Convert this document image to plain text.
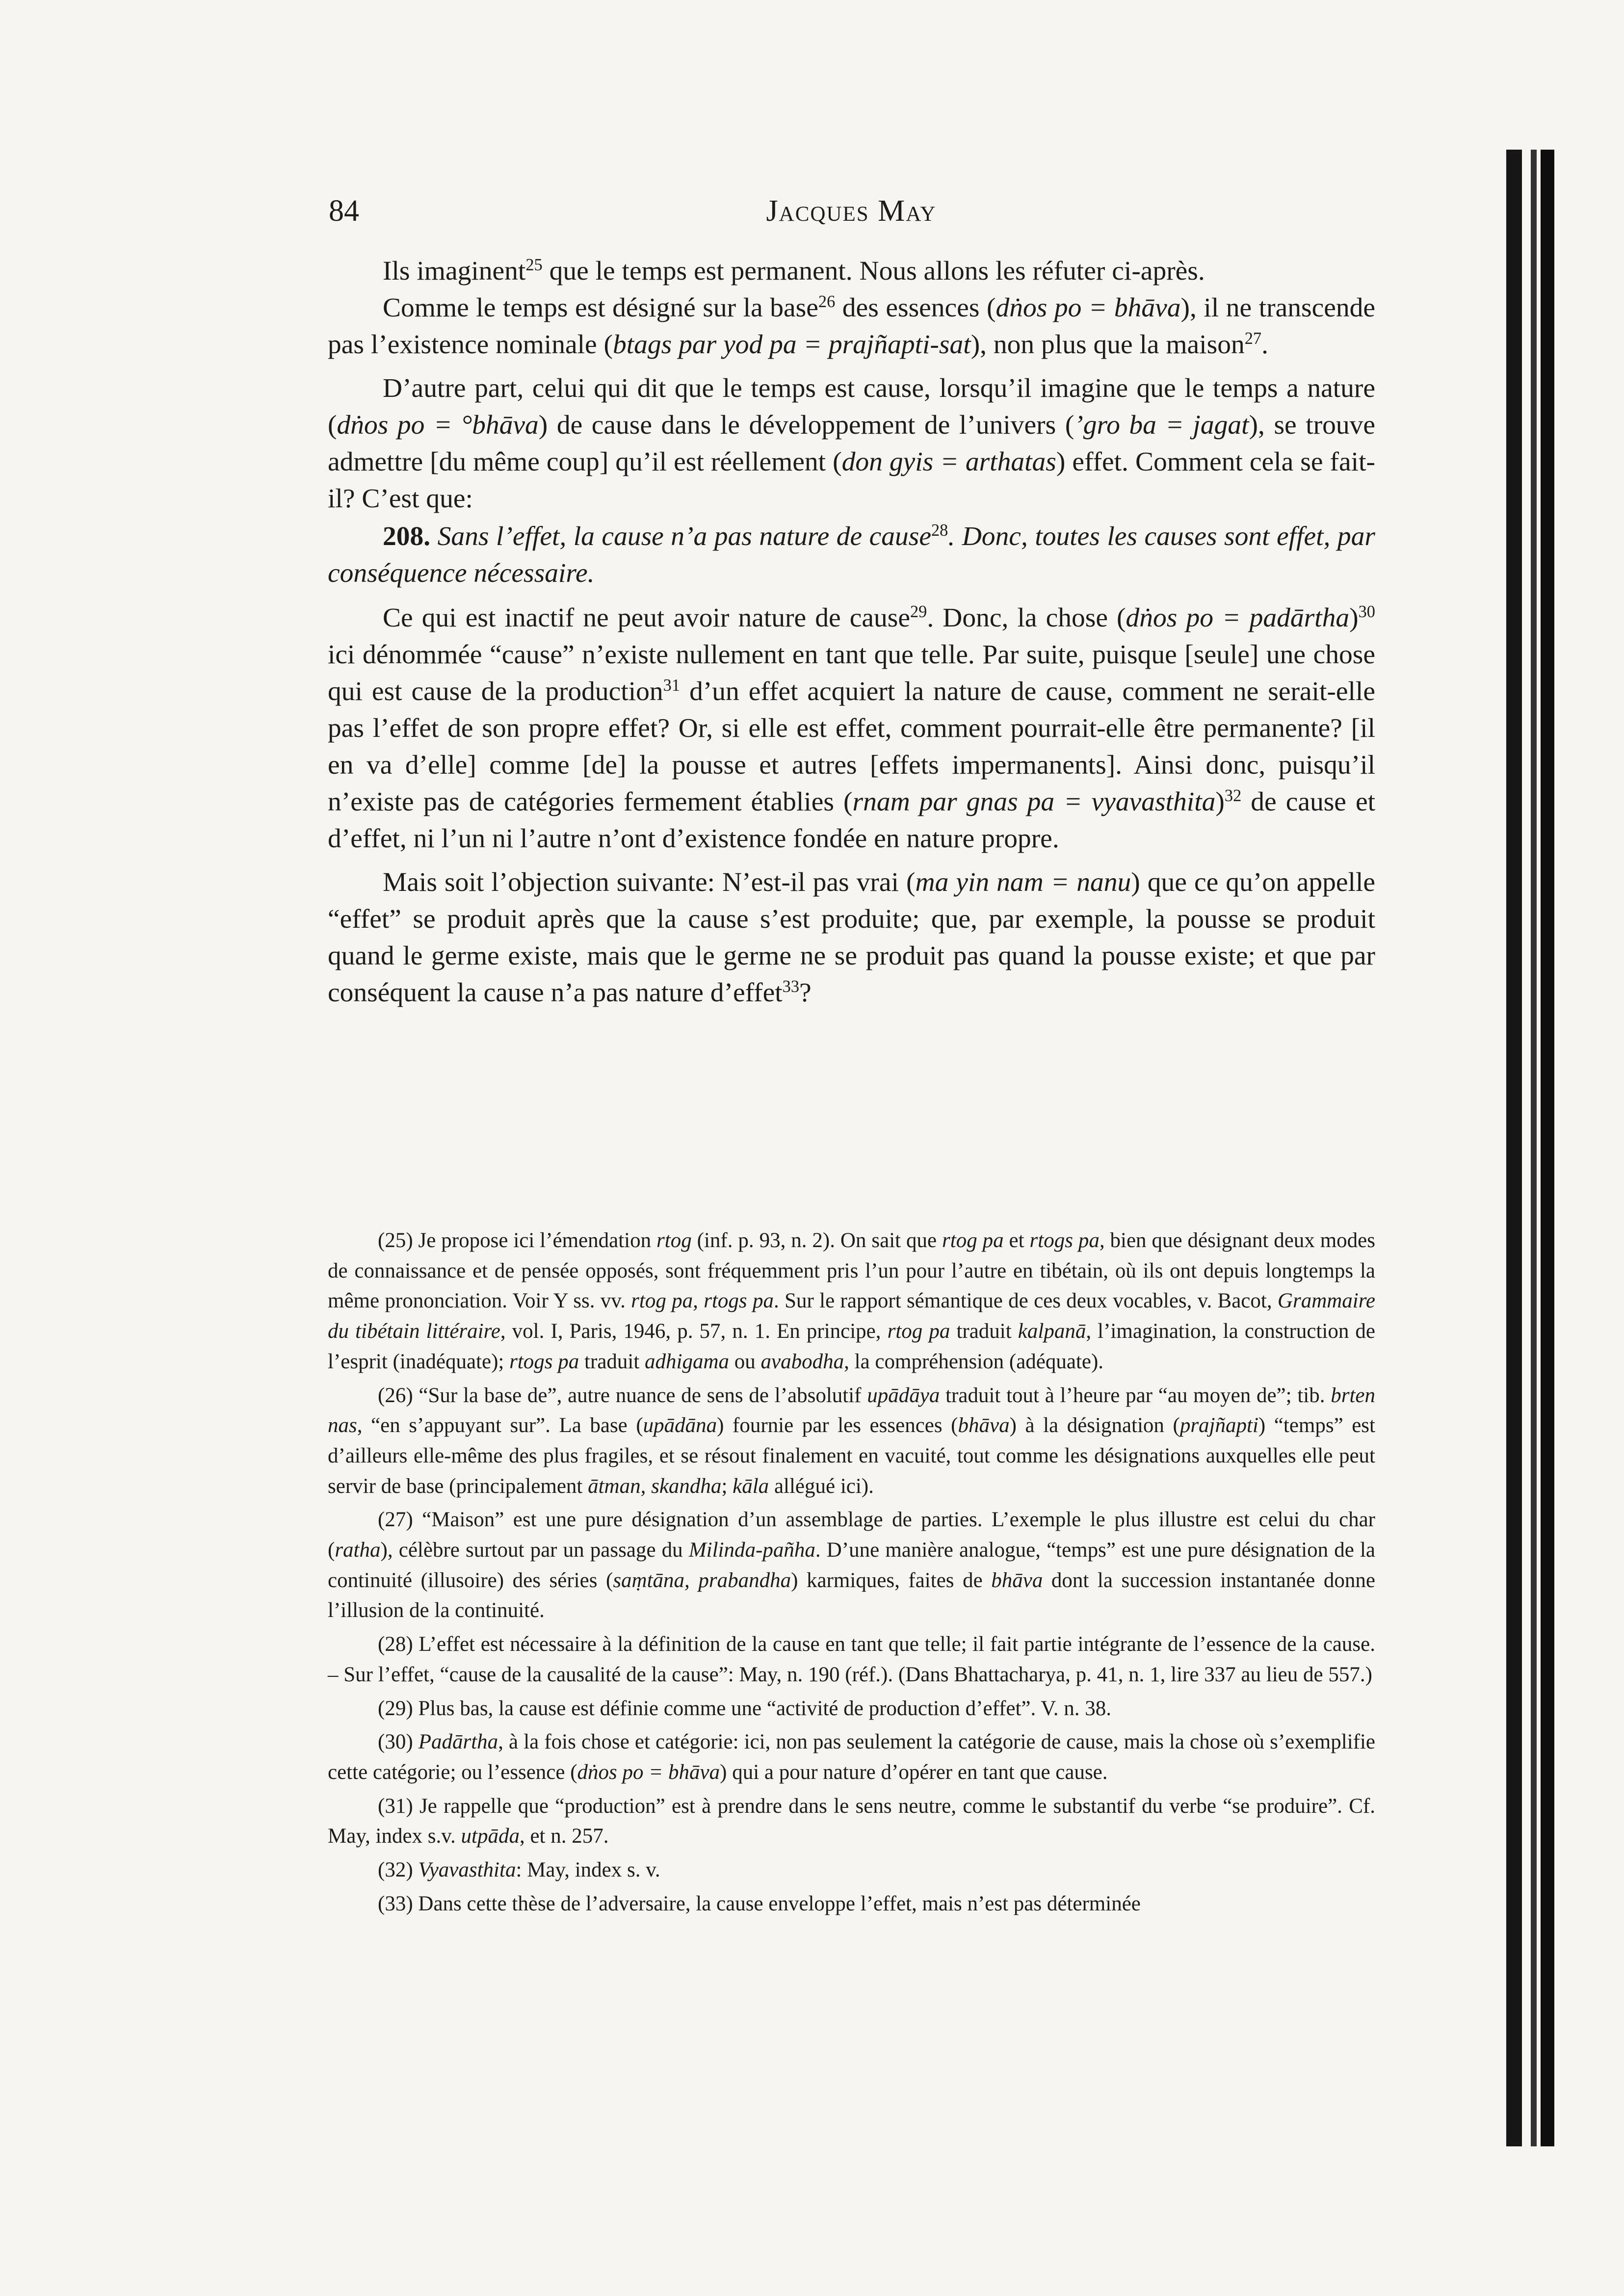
84	Jacques May

Ils imaginent$^{25}$ que le temps est permanent. Nous allons les réfuter ci-après.

Comme le temps est désigné sur la base$^{26}$ des essences (dṅos po = bhāva), il ne transcende pas l’existence nominale (btags par yod pa = prajñapti-sat), non plus que la maison$^{27}$.

D’autre part, celui qui dit que le temps est cause, lorsqu’il imagine que le temps a nature (dṅos po = °bhāva) de cause dans le développement de l’univers (’gro ba = jagat), se trouve admettre [du même coup] qu’il est réellement (don gyis = arthatas) effet. Comment cela se fait-il? C’est que:

208. Sans l’effet, la cause n’a pas nature de cause$^{28}$. Donc, toutes les causes sont effet, par conséquence nécessaire.

Ce qui est inactif ne peut avoir nature de cause$^{29}$. Donc, la chose (dṅos po = padārtha)$^{30}$ ici dénommée “cause” n’existe nullement en tant que telle. Par suite, puisque [seule] une chose qui est cause de la production$^{31}$ d’un effet acquiert la nature de cause, comment ne serait-elle pas l’effet de son propre effet? Or, si elle est effet, comment pourrait-elle être permanente? [il en va d’elle] comme [de] la pousse et autres [effets impermanents]. Ainsi donc, puisqu’il n’existe pas de catégories fermement établies (rnam par gnas pa = vyavasthita)$^{32}$ de cause et d’effet, ni l’un ni l’autre n’ont d’existence fondée en nature propre.

Mais soit l’objection suivante: N’est-il pas vrai (ma yin nam = nanu) que ce qu’on appelle “effet” se produit après que la cause s’est produite; que, par exemple, la pousse se produit quand le germe existe, mais que le germe ne se produit pas quand la pousse existe; et que par conséquent la cause n’a pas nature d’effet$^{33}$?

(25) Je propose ici l’émendation rtog (inf. p. 93, n. 2). On sait que rtog pa et rtogs pa, bien que désignant deux modes de connaissance et de pensée opposés, sont fréquemment pris l’un pour l’autre en tibétain, où ils ont depuis longtemps la même prononciation. Voir Y ss. vv. rtog pa, rtogs pa. Sur le rapport sémantique de ces deux vocables, v. Bacot, Grammaire du tibétain littéraire, vol. I, Paris, 1946, p. 57, n. 1. En principe, rtog pa traduit kalpanā, l’imagination, la construction de l’esprit (inadéquate); rtogs pa traduit adhigama ou avabodha, la compréhension (adéquate).

(26) “Sur la base de”, autre nuance de sens de l’absolutif upādāya traduit tout à l’heure par “au moyen de”; tib. brten nas, “en s’appuyant sur”. La base (upādāna) fournie par les essences (bhāva) à la désignation (prajñapti) “temps” est d’ailleurs elle-même des plus fragiles, et se résout finalement en vacuité, tout comme les désignations auxquelles elle peut servir de base (principalement ātman, skandha; kāla allégué ici).

(27) “Maison” est une pure désignation d’un assemblage de parties. L’exemple le plus illustre est celui du char (ratha), célèbre surtout par un passage du Milinda-pañha. D’une manière analogue, “temps” est une pure désignation de la continuité (illusoire) des séries (saṃtāna, prabandha) karmiques, faites de bhāva dont la succession instantanée donne l’illusion de la continuité.

(28) L’effet est nécessaire à la définition de la cause en tant que telle; il fait partie intégrante de l’essence de la cause. – Sur l’effet, “cause de la causalité de la cause”: May, n. 190 (réf.). (Dans Bhattacharya, p. 41, n. 1, lire 337 au lieu de 557.)

(29) Plus bas, la cause est définie comme une “activité de production d’effet”. V. n. 38.

(30) Padārtha, à la fois chose et catégorie: ici, non pas seulement la catégorie de cause, mais la chose où s’exemplifie cette catégorie; ou l’essence (dṅos po = bhāva) qui a pour nature d’opérer en tant que cause.

(31) Je rappelle que “production” est à prendre dans le sens neutre, comme le substantif du verbe “se produire”. Cf. May, index s.v. utpāda, et n. 257.

(32) Vyavasthita: May, index s. v.

(33) Dans cette thèse de l’adversaire, la cause enveloppe l’effet, mais n’est pas déterminée
